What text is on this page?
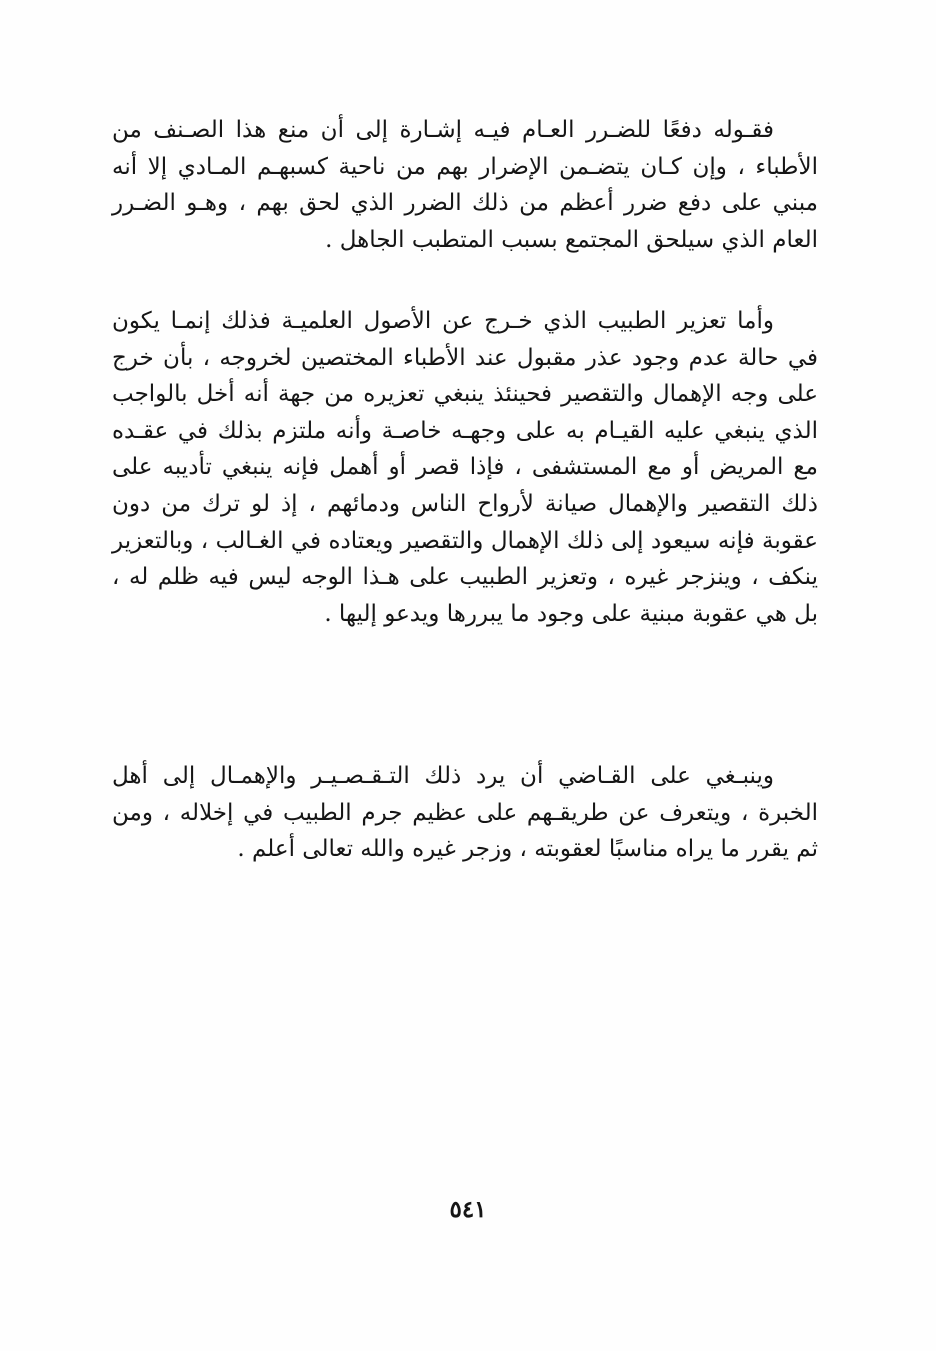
فقـوله دفعًا للضـرر العـام فيـه إشـارة إلى أن منع هذا الصـنف من الأطباء ، وإن كـان يتضـمن الإضرار بهم من ناحية كسبهـم المـادي إلا أنه مبني على دفع ضرر أعظم من ذلك الضرر الذي لحق بهم ، وهـو الضـرر العام الذي سيلحق المجتمع بسبب المتطبب الجاهل .

وأما تعزير الطبيب الذي خـرج عن الأصول العلميـة فذلك إنمـا يكون في حالة عدم وجود عذر مقبول عند الأطباء المختصين لخروجه ، بأن خرج على وجه الإهمال والتقصير فحينئذ ينبغي تعزيره من جهة أنه أخل بالواجب الذي ينبغي عليه القيـام به على وجهـه خاصـة وأنه ملتزم بذلك في عقـده مع المريض أو مع المستشفى ، فإذا قصر أو أهمل فإنه ينبغي تأديبه على ذلك التقصير والإهمال صيانة لأرواح الناس ودمائهم ، إذ لو ترك من دون عقوبة فإنه سيعود إلى ذلك الإهمال والتقصير ويعتاده في الغـالب ، وبالتعزير ينكف ، وينزجر غيره ، وتعزير الطبيب على هـذا الوجه ليس فيه ظلم له ، بل هي عقوبة مبنية على وجود ما يبررها ويدعو إليها .

وينبـغي على القـاضي أن يرد ذلك التـقـصـيـر والإهمـال إلى أهل الخبرة ، ويتعرف عن طريقـهم على عظيم جرم الطبيب في إخلاله ، ومن ثم يقرر ما يراه مناسبًا لعقوبته ، وزجر غيره والله تعالى أعلم .

٥٤١
